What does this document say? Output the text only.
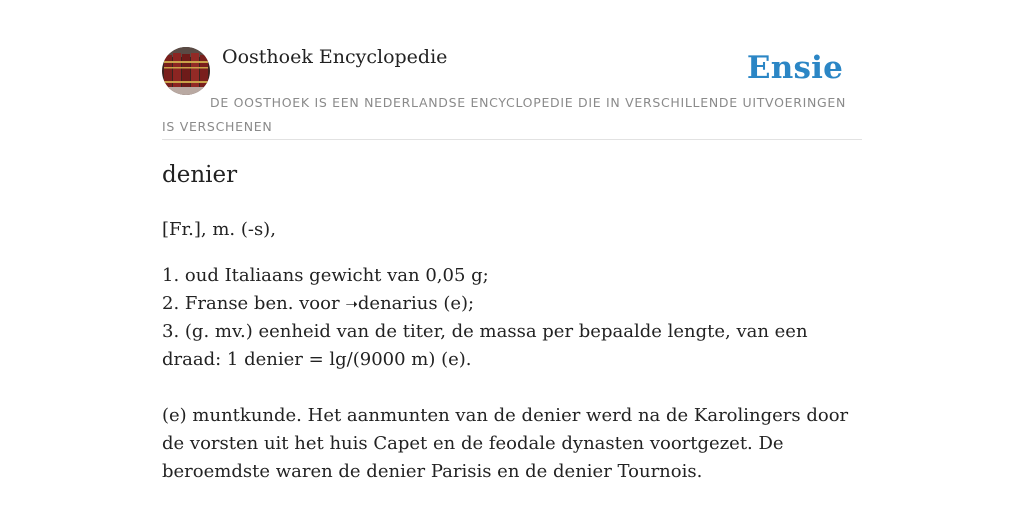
Oosthoek Encyclopedie	Ensie
DE OOSTHOEK IS EEN NEDERLANDSE ENCYCLOPEDIE DIE IN VERSCHILLENDE UITVOERINGEN IS VERSCHENEN
denier
[Fr.], m. (-s),
1. oud Italiaans gewicht van 0,05 g;
2. Franse ben. voor ➝denarius (e);
3. (g. mv.) eenheid van de titer, de massa per bepaalde lengte, van een draad: 1 denier = lg/(9000 m) (e).
(e) muntkunde. Het aanmunten van de denier werd na de Karolingers door de vorsten uit het huis Capet en de feodale dynasten voortgezet. De beroemdste waren de denier Parisis en de denier Tournois.
